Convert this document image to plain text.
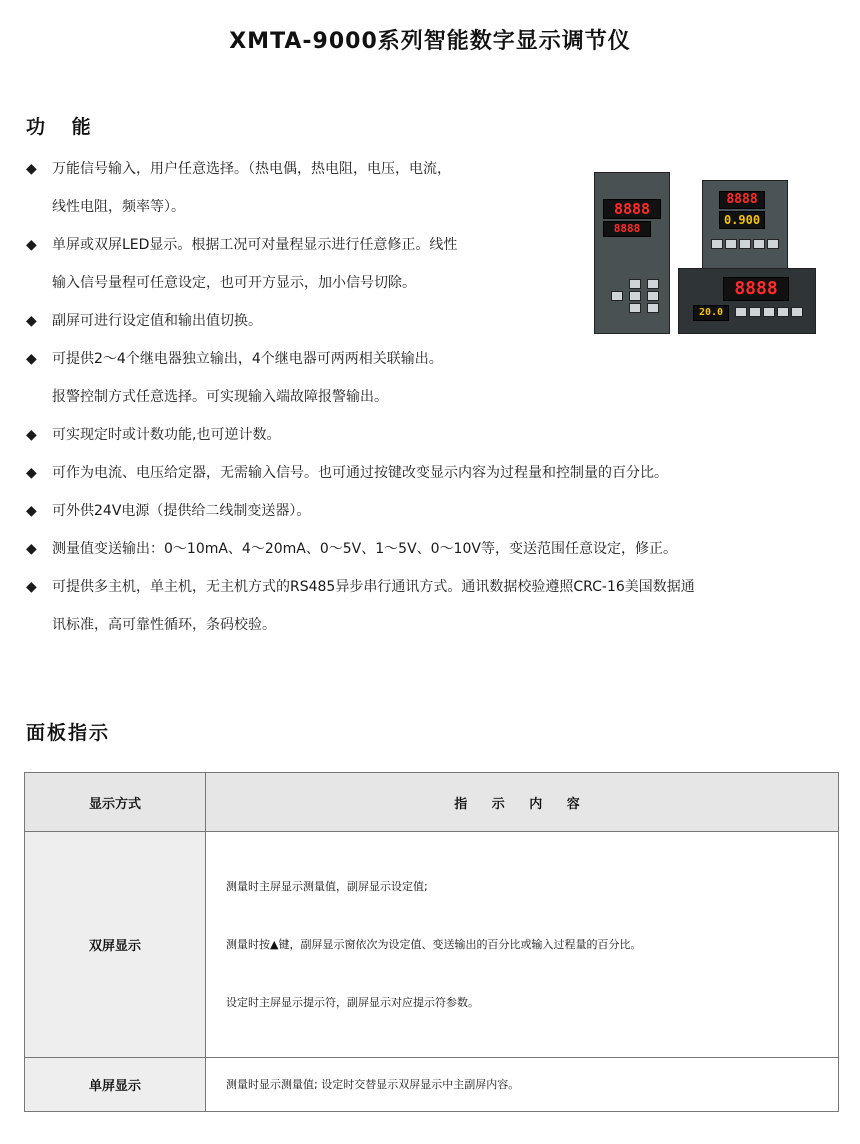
XMTA-9000系列智能数字显示调节仪
功 能
◆ 万能信号输入，用户任意选择。（热电偶，热电阻，电压，电流，
线性电阻，频率等）。
◆ 单屏或双屏LED显示。根据工况可对量程显示进行任意修正。线性
输入信号量程可任意设定，也可开方显示，加小信号切除。
◆ 副屏可进行设定值和输出值切换。
◆ 可提供2～4个继电器独立输出，4个继电器可两两相关联输出。
报警控制方式任意选择。可实现输入端故障报警输出。
◆ 可实现定时或计数功能,也可逆计数。
◆ 可作为电流、电压给定器，无需输入信号。也可通过按键改变显示内容为过程量和控制量的百分比。
◆ 可外供24V电源（提供给二线制变送器）。
◆ 测量值变送输出：0～10mA、4～20mA、0～5V、1～5V、0～10V等，变送范围任意设定，修正。
◆ 可提供多主机，单主机，无主机方式的RS485异步串行通讯方式。通讯数据校验遵照CRC-16美国数据通
讯标准，高可靠性循环，条码校验。
8888
8888
8888
0.900
8888
20.0
面板指示
显示方式	指 示 内 容
双屏显示	测量时主屏显示测量值，副屏显示设定值;

测量时按▲键，副屏显示窗依次为设定值、变送输出的百分比或输入过程量的百分比。

设定时主屏显示提示符，副屏显示对应提示符参数。

单屏显示	测量时显示测量值; 设定时交替显示双屏显示中主副屏内容。
